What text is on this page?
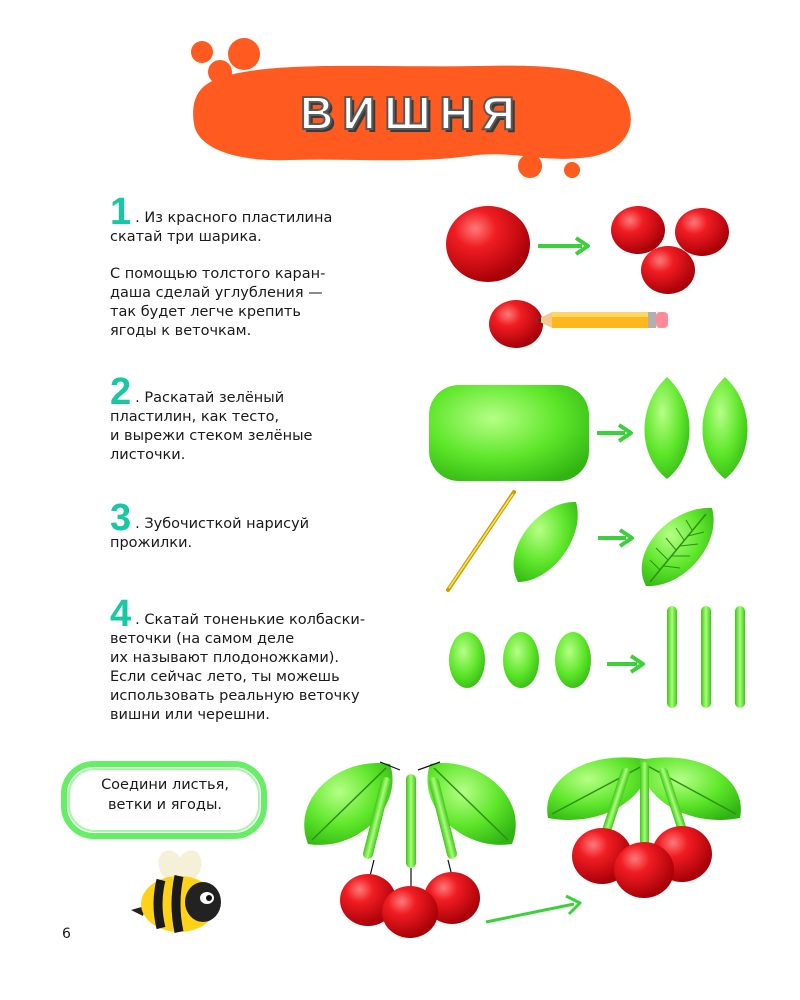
ВИШНЯ

1 . Из красного пластилина
скатай три шарика.

С помощью толстого каран-
даша сделай углубления —
так будет легче крепить
ягоды к веточкам.

2 . Раскатай зелёный
пластилин, как тесто,
и вырежи стеком зелёные
листочки.

3 . Зубочисткой нарисуй
прожилки.

4 . Скатай тоненькие колбаски-
веточки (на самом деле
их называют плодоножками).
Если сейчас лето, ты можешь
использовать реальную веточку
вишни или черешни.

Соедини листья,
ветки и ягоды.
6
